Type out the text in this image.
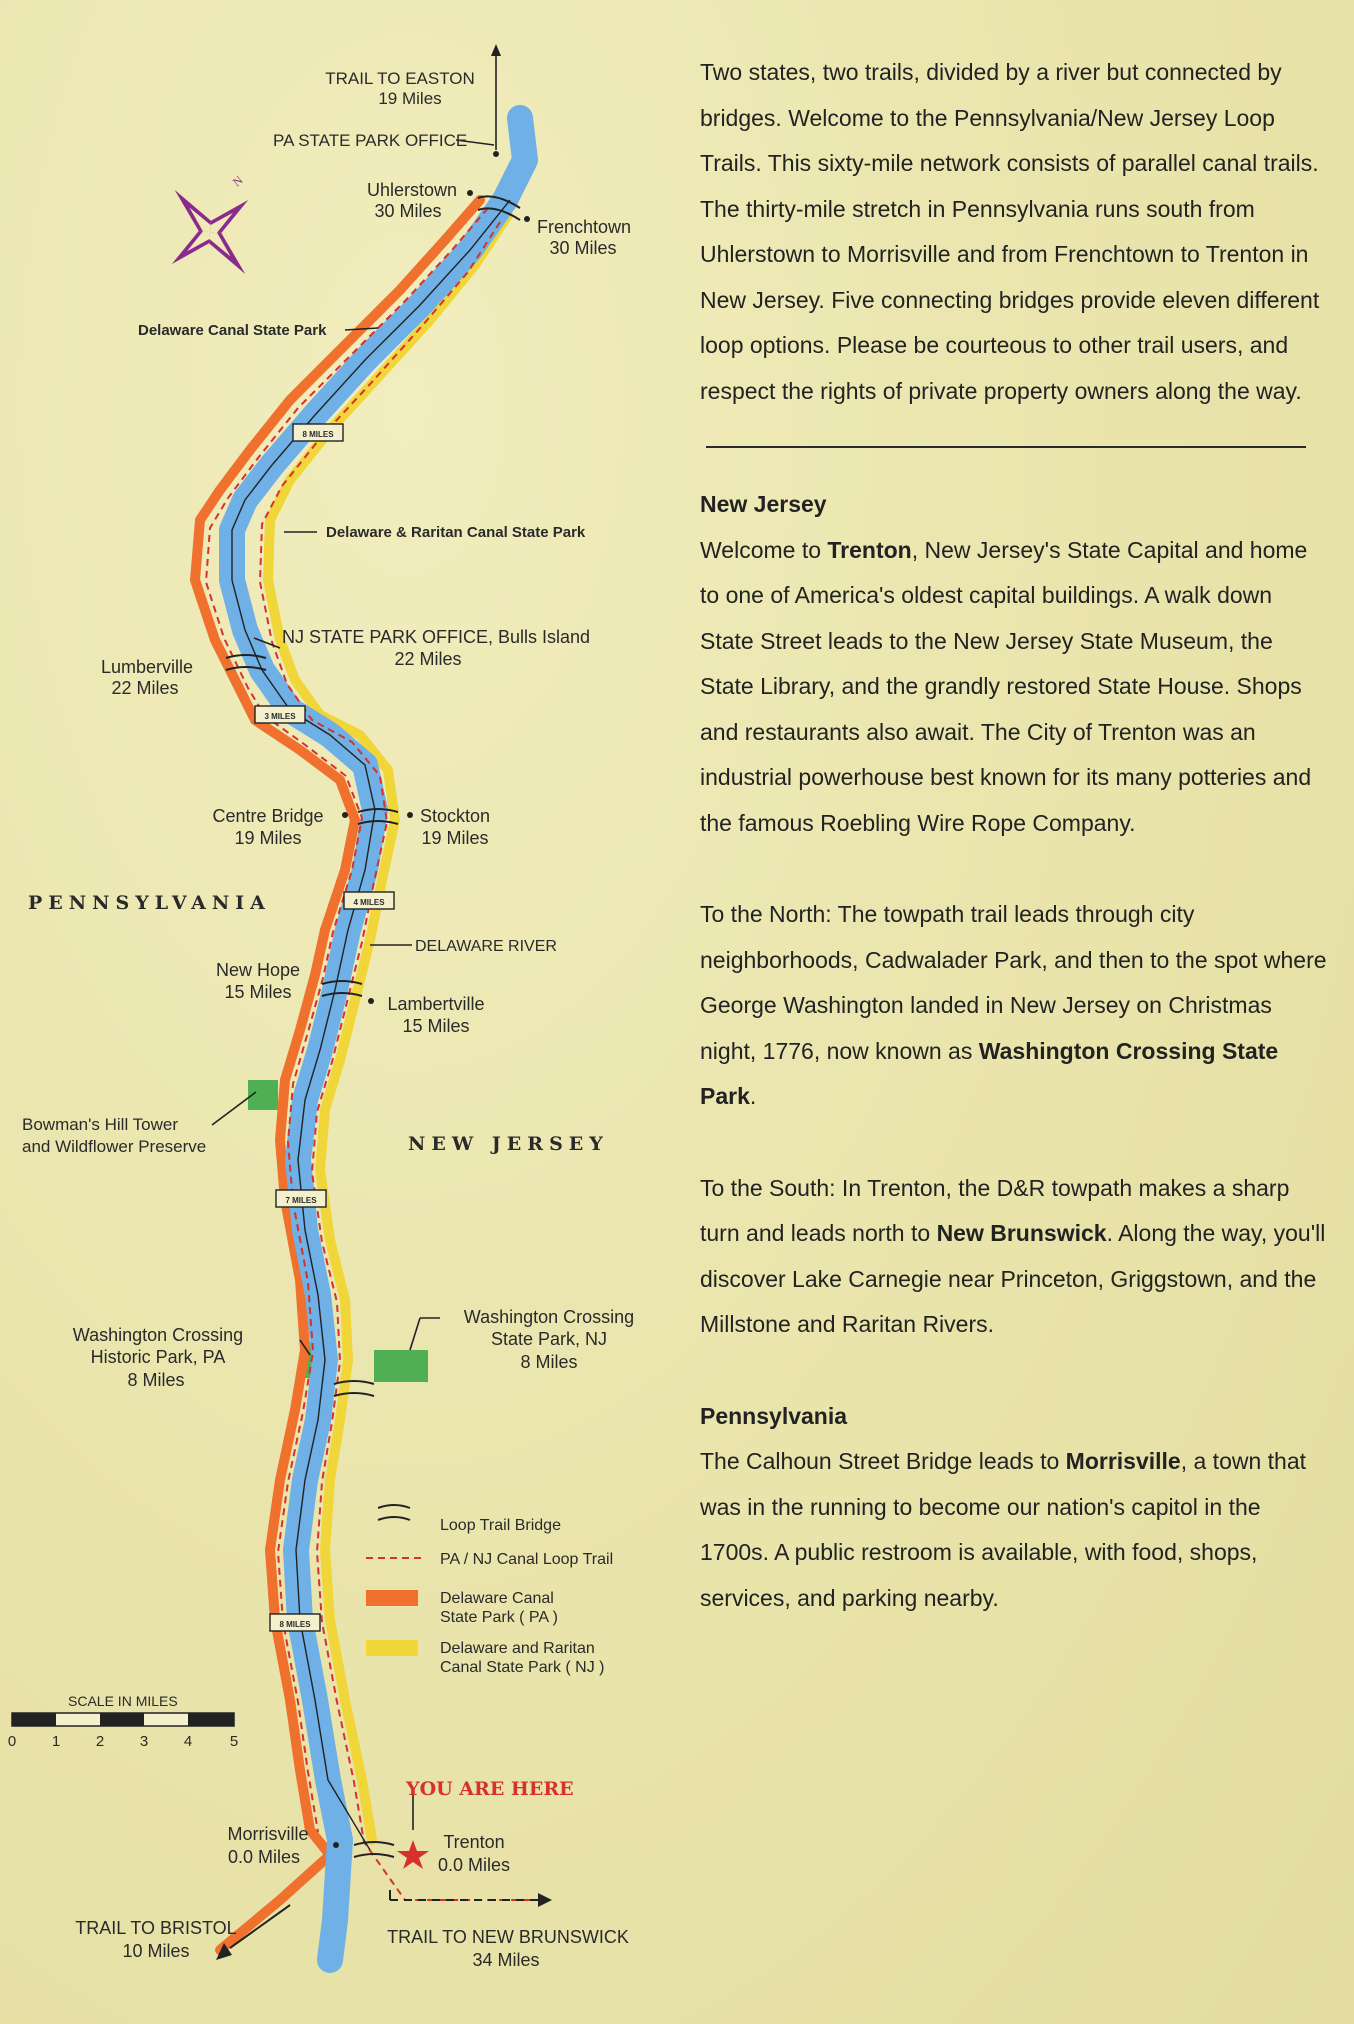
8 MILES
3 MILES
4 MILES
7 MILES
8 MILES
N
TRAIL TO EASTON
19 Miles
PA STATE PARK OFFICE
Uhlerstown
30 Miles
Frenchtown
30 Miles
Delaware Canal State Park
Delaware & Raritan Canal State Park
NJ STATE PARK OFFICE, Bulls Island
22 Miles
Lumberville
22 Miles
Centre Bridge
19 Miles
Stockton
19 Miles
PENNSYLVANIA
DELAWARE RIVER
New Hope
15 Miles
Lambertville
15 Miles
Bowman's Hill Tower
and Wildflower Preserve	NEW JERSEY
Washington Crossing
Historic Park, PA
8 Miles
Washington Crossing
State Park, NJ
8 Miles
Loop Trail Bridge
PA / NJ Canal Loop Trail
Delaware Canal
State Park ( PA )
Delaware and Raritan
Canal State Park ( NJ )
SCALE IN MILES
0 1 2 3 4	5
YOU ARE HERE
Morrisville
0.0 Miles
Trenton
0.0 Miles
TRAIL TO BRISTOL
10 Miles
TRAIL TO NEW BRUNSWICK
34 Miles

Two states, two trails, divided by a river but connected by bridges. Welcome to the Pennsylvania/New Jersey Loop Trails. This sixty-mile network consists of parallel canal trails. The thirty-mile stretch in Pennsylvania runs south from Uhlerstown to Morrisville and from Frenchtown to Trenton in New Jersey. Five connecting bridges provide eleven different loop options. Please be courteous to other trail users, and respect the rights of private property owners along the way.

New Jersey

Welcome to Trenton, New Jersey's State Capital and home to one of America's oldest capital buildings. A walk down State Street leads to the New Jersey State Museum, the State Library, and the grandly restored State House. Shops and restaurants also await. The City of Trenton was an industrial powerhouse best known for its many potteries and the famous Roebling Wire Rope Company.

To the North: The towpath trail leads through city neighborhoods, Cadwalader Park, and then to the spot where George Washington landed in New Jersey on Christmas night, 1776, now known as Washington Crossing State Park.

To the South: In Trenton, the D&R towpath makes a sharp turn and leads north to New Brunswick. Along the way, you'll discover Lake Carnegie near Princeton, Griggstown, and the Millstone and Raritan Rivers.

Pennsylvania

The Calhoun Street Bridge leads to Morrisville, a town that was in the running to become our nation's capitol in the 1700s. A public restroom is available, with food, shops, services, and parking nearby.
